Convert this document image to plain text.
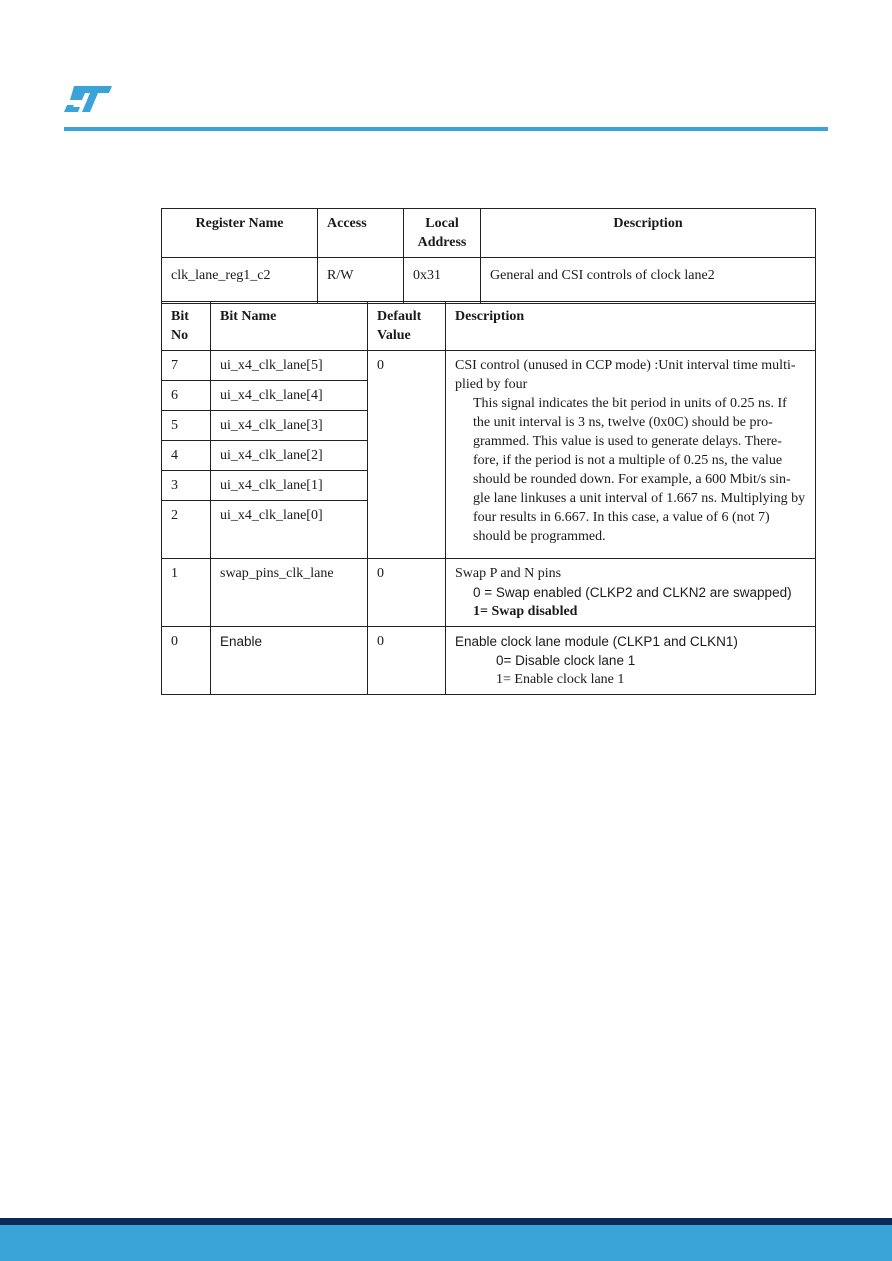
Register Name	Access	Local Address	Description
clk_lane_reg1_c2	R/W	0x31	General and CSI controls of clock lane2
Bit No	Bit Name	Default Value	Description
7	ui_x4_clk_lane[5]	0	CSI control (unused in CCP mode) :Unit interval time multi-plied by four
This signal indicates the bit period in units of 0.25 ns. If the unit interval is 3 ns, twelve (0x0C) should be pro-grammed. This value is used to generate delays. There-fore, if the period is not a multiple of 0.25 ns, the value should be rounded down. For example, a 600 Mbit/s sin-gle lane linkuses a unit interval of 1.667 ns. Multiplying by four results in 6.667. In this case, a value of 6 (not 7) should be programmed.

6	ui_x4_clk_lane[4]		
5	ui_x4_clk_lane[3]		
4	ui_x4_clk_lane[2]		
3	ui_x4_clk_lane[1]		
2	ui_x4_clk_lane[0]		
1	swap_pins_clk_lane	0	Swap P and N pins
0 = Swap enabled (CLKP2 and CLKN2 are swapped)
1= Swap disabled

0	Enable	0	Enable clock lane module (CLKP1 and CLKN1)
0= Disable clock lane 1
1= Enable clock lane 1
